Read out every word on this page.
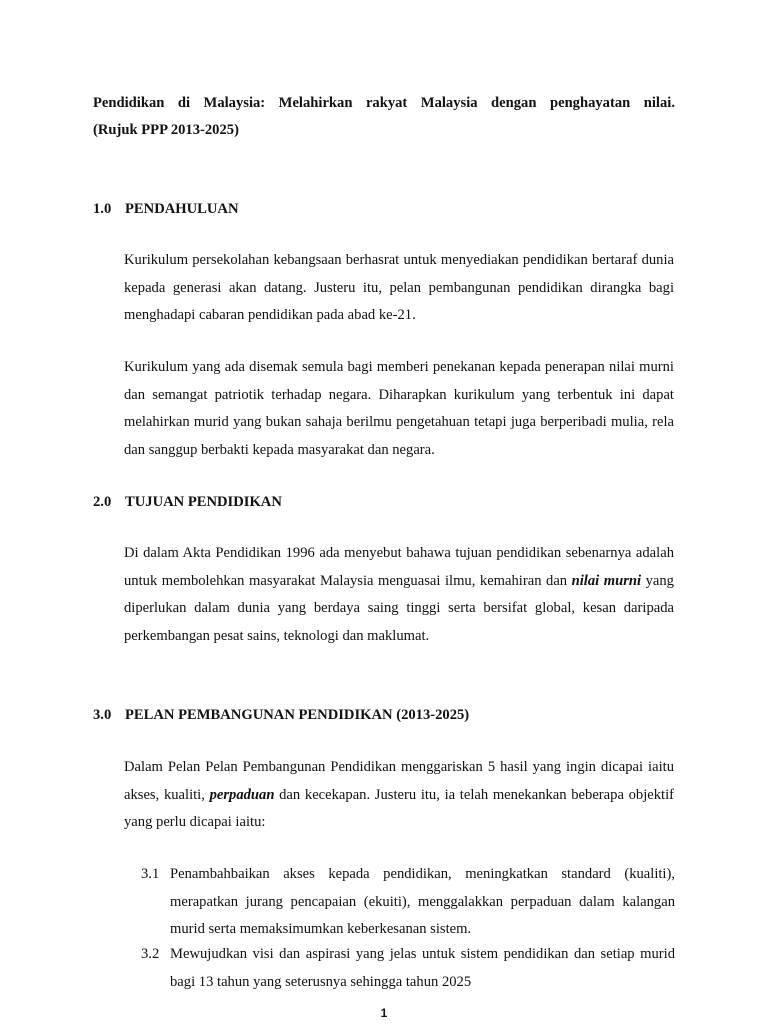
Pendidikan di Malaysia: Melahirkan rakyat Malaysia dengan penghayatan nilai.
(Rujuk PPP 2013-2025)
1.0 PENDAHULUAN
Kurikulum persekolahan kebangsaan berhasrat untuk menyediakan pendidikan bertaraf dunia kepada generasi akan datang. Justeru itu, pelan pembangunan pendidikan dirangka bagi menghadapi cabaran pendidikan pada abad ke-21.
Kurikulum yang ada disemak semula bagi memberi penekanan kepada penerapan nilai murni dan semangat patriotik terhadap negara. Diharapkan kurikulum yang terbentuk ini dapat melahirkan murid yang bukan sahaja berilmu pengetahuan tetapi juga berperibadi mulia, rela dan sanggup berbakti kepada masyarakat dan negara.
2.0 TUJUAN PENDIDIKAN
Di dalam Akta Pendidikan 1996 ada menyebut bahawa tujuan pendidikan sebenarnya adalah untuk membolehkan masyarakat Malaysia menguasai ilmu, kemahiran dan nilai murni yang diperlukan dalam dunia yang berdaya saing tinggi serta bersifat global, kesan daripada perkembangan pesat sains, teknologi dan maklumat.
3.0 PELAN PEMBANGUNAN PENDIDIKAN (2013-2025)
Dalam Pelan Pelan Pembangunan Pendidikan menggariskan 5 hasil yang ingin dicapai iaitu akses, kualiti, perpaduan dan kecekapan. Justeru itu, ia telah menekankan beberapa objektif yang perlu dicapai iaitu:
3.1 Penambahbaikan akses kepada pendidikan, meningkatkan standard (kualiti), merapatkan jurang pencapaian (ekuiti), menggalakkan perpaduan dalam kalangan murid serta memaksimumkan keberkesanan sistem.
3.2 Mewujudkan visi dan aspirasi yang jelas untuk sistem pendidikan dan setiap murid bagi 13 tahun yang seterusnya sehingga tahun 2025
1
